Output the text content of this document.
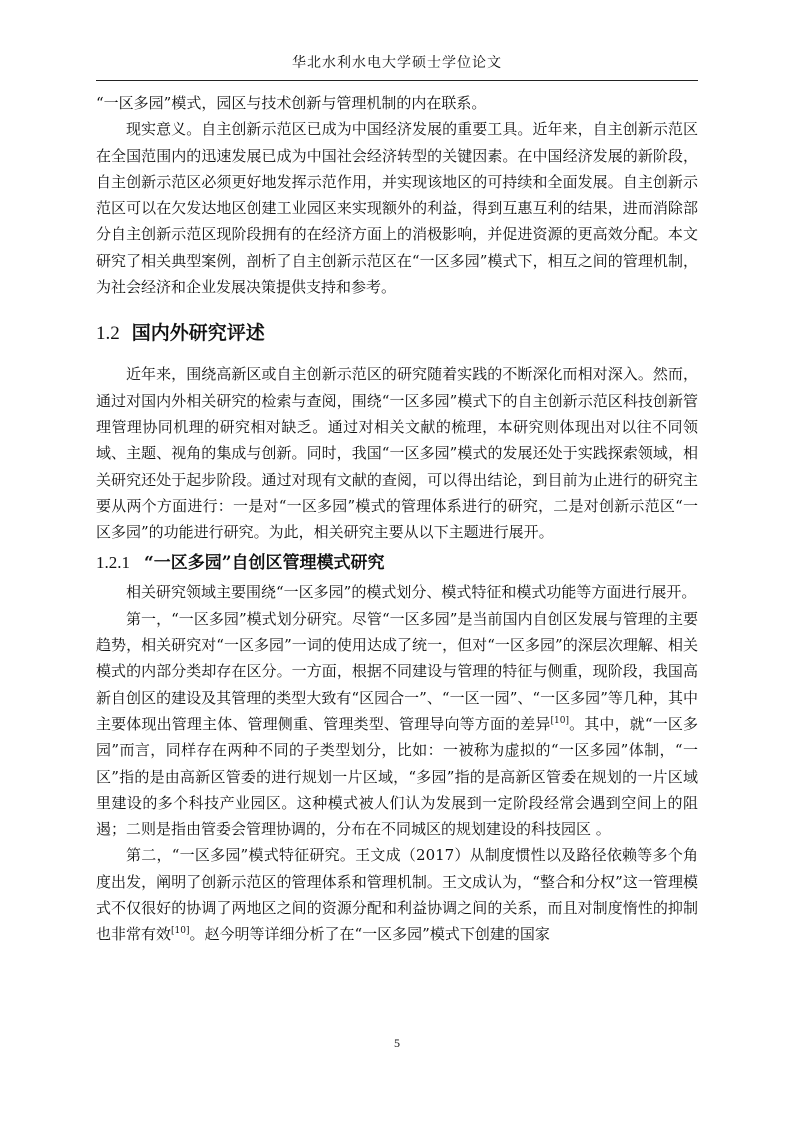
华北水利水电大学硕士学位论文

“一区多园”模式，园区与技术创新与管理机制的内在联系。

现实意义。自主创新示范区已成为中国经济发展的重要工具。近年来，自主创新示范区在全国范围内的迅速发展已成为中国社会经济转型的关键因素。在中国经济发展的新阶段，自主创新示范区必须更好地发挥示范作用，并实现该地区的可持续和全面发展。自主创新示范区可以在欠发达地区创建工业园区来实现额外的利益，得到互惠互利的结果，进而消除部分自主创新示范区现阶段拥有的在经济方面上的消极影响，并促进资源的更高效分配。本文研究了相关典型案例，剖析了自主创新示范区在“一区多园”模式下，相互之间的管理机制，为社会经济和企业发展决策提供支持和参考。

1.2 国内外研究评述

近年来，围绕高新区或自主创新示范区的研究随着实践的不断深化而相对深入。然而，通过对国内外相关研究的检索与查阅，围绕“一区多园”模式下的自主创新示范区科技创新管理管理协同机理的研究相对缺乏。通过对相关文献的梳理，本研究则体现出对以往不同领域、主题、视角的集成与创新。同时，我国“一区多园”模式的发展还处于实践探索领域，相关研究还处于起步阶段。通过对现有文献的查阅，可以得出结论，到目前为止进行的研究主要从两个方面进行：一是对“一区多园”模式的管理体系进行的研究，二是对创新示范区“一区多园”的功能进行研究。为此，相关研究主要从以下主题进行展开。

1.2.1 “一区多园”自创区管理模式研究

相关研究领域主要围绕“一区多园”的模式划分、模式特征和模式功能等方面进行展开。

第一，“一区多园”模式划分研究。尽管“一区多园”是当前国内自创区发展与管理的主要趋势，相关研究对“一区多园”一词的使用达成了统一，但对“一区多园”的深层次理解、相关模式的内部分类却存在区分。一方面，根据不同建设与管理的特征与侧重，现阶段，我国高新自创区的建设及其管理的类型大致有“区园合一”、“一区一园”、“一区多园”等几种，其中主要体现出管理主体、管理侧重、管理类型、管理导向等方面的差异[10]。其中，就“一区多园”而言，同样存在两种不同的子类型划分，比如：一被称为虚拟的“一区多园”体制，“一区”指的是由高新区管委的进行规划一片区域，“多园”指的是高新区管委在规划的一片区域里建设的多个科技产业园区。这种模式被人们认为发展到一定阶段经常会遇到空间上的阻遏；二则是指由管委会管理协调的，分布在不同城区的规划建设的科技园区 。

第二，“一区多园”模式特征研究。王文成（2017）从制度惯性以及路径依赖等多个角度出发，阐明了创新示范区的管理体系和管理机制。王文成认为，“整合和分权”这一管理模式不仅很好的协调了两地区之间的资源分配和利益协调之间的关系，而且对制度惰性的抑制也非常有效[10]。赵今明等详细分析了在“一区多园”模式下创建的国家

5
